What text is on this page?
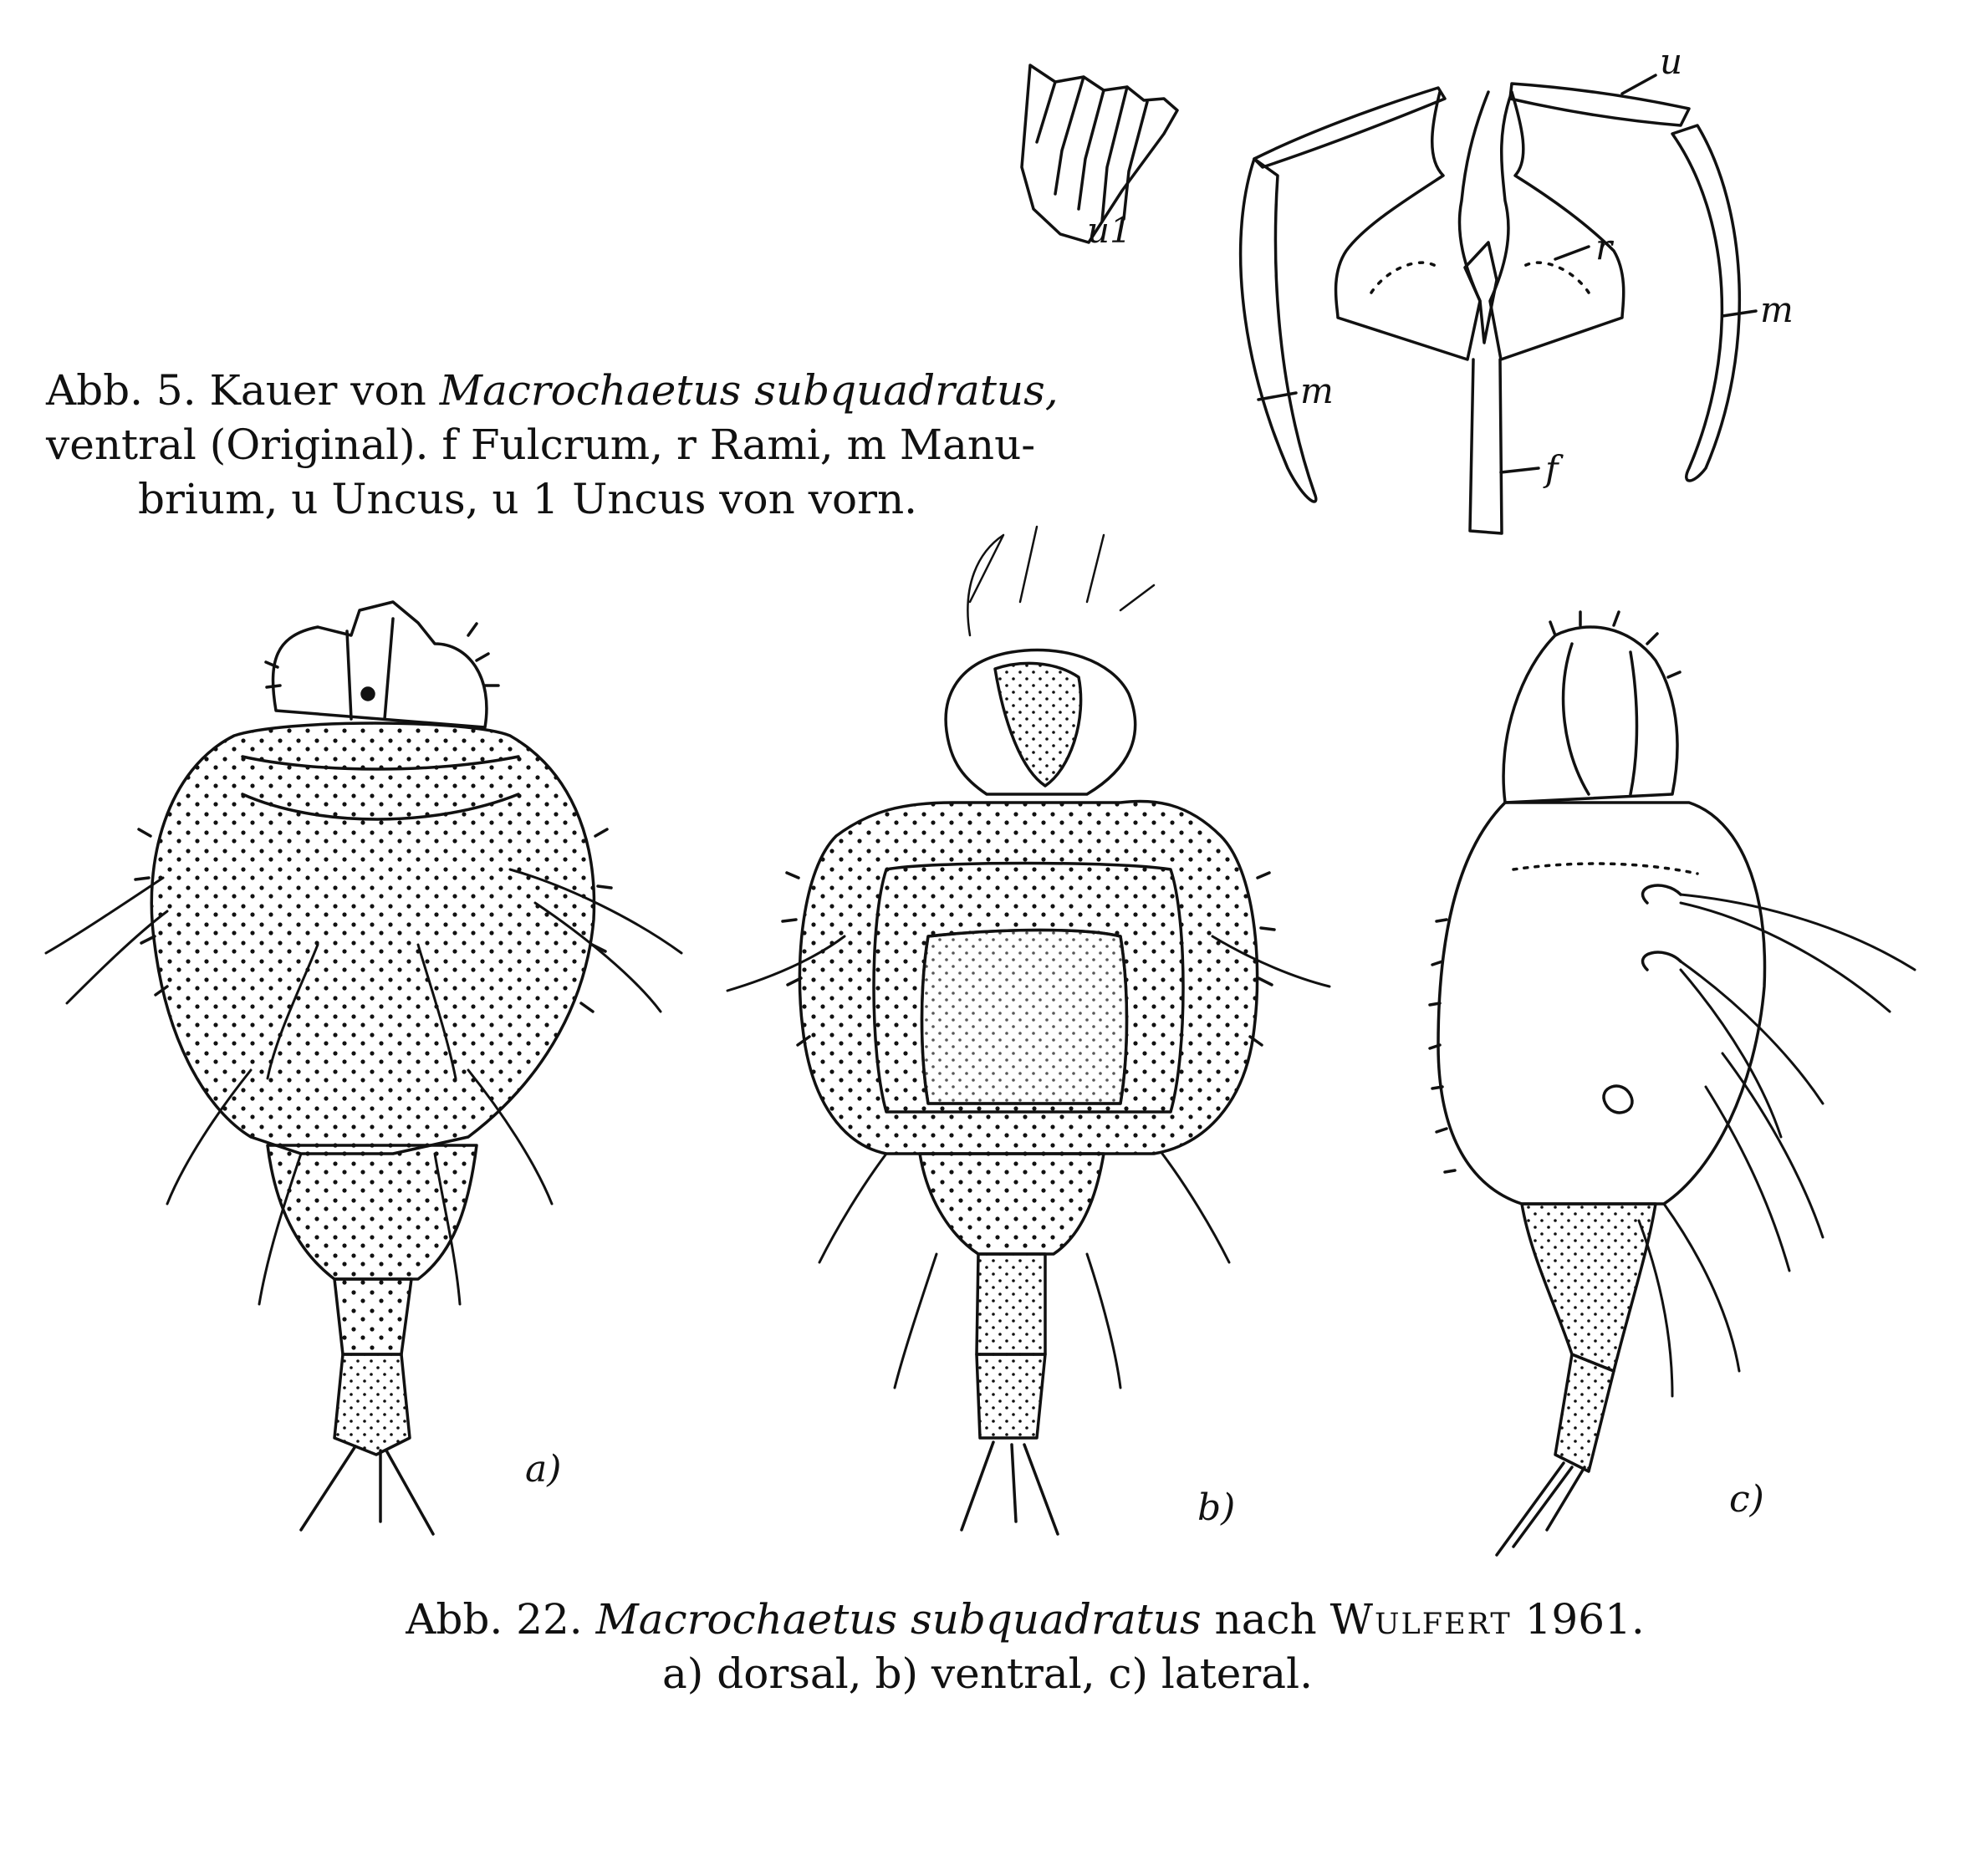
u
u1	r
m
m
f
a)
b)	c)
Abb. 5. Kauer von Macrochaetus subquadratus,
ventral (Original). f Fulcrum, r Rami, m Manu-
brium, u Uncus, u 1 Uncus von vorn.
Abb. 22. Macrochaetus subquadratus nach Wulfert 1961.
a) dorsal, b) ventral, c) lateral.
